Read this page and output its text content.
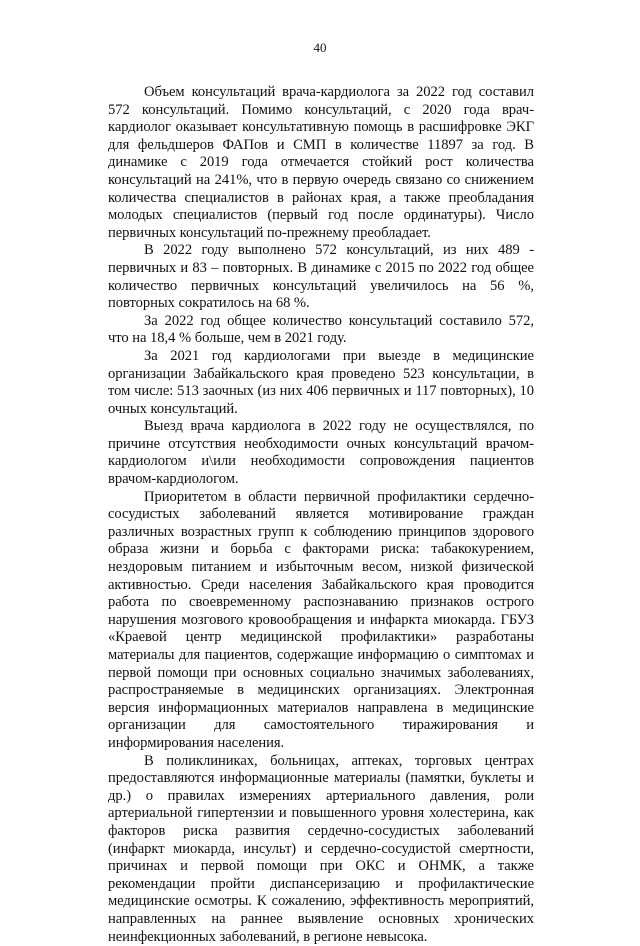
40

Объем консультаций врача-кардиолога за 2022 год составил 572 консультаций. Помимо консультаций, с 2020 года врач-кардиолог оказывает консультативную помощь в расшифровке ЭКГ для фельдшеров ФАПов и СМП в количестве 11897 за год. В динамике с 2019 года отмечается стойкий рост количества консультаций на 241%, что в первую очередь связано со снижением количества специалистов в районах края, а также преобладания молодых специалистов (первый год после ординатуры). Число первичных консультаций по-прежнему преобладает.

В 2022 году выполнено 572 консультаций, из них 489 - первичных и 83 – повторных. В динамике с 2015 по 2022 год общее количество первичных консультаций увеличилось на 56 %, повторных сократилось на 68 %.

За 2022 год общее количество консультаций составило 572, что на 18,4 % больше, чем в 2021 году.

За 2021 год кардиологами при выезде в медицинские организации Забайкальского края проведено 523 консультации, в том числе: 513 заочных (из них 406 первичных и 117 повторных), 10 очных консультаций.

Выезд врача кардиолога в 2022 году не осуществлялся, по причине отсутствия необходимости очных консультаций врачом-кардиологом и\или необходимости сопровождения пациентов врачом-кардиологом.

Приоритетом в области первичной профилактики сердечно-сосудистых заболеваний является мотивирование граждан различных возрастных групп к соблюдению принципов здорового образа жизни и борьба с факторами риска: табакокурением, нездоровым питанием и избыточным весом, низкой физической активностью. Среди населения Забайкальского края проводится работа по своевременному распознаванию признаков острого нарушения мозгового кровообращения и инфаркта миокарда. ГБУЗ «Краевой центр медицинской профилактики» разработаны материалы для пациентов, содержащие информацию о симптомах и первой помощи при основных социально значимых заболеваниях, распространяемые в медицинских организациях. Электронная версия информационных материалов направлена в медицинские организации для самостоятельного тиражирования и информирования населения.

В поликлиниках, больницах, аптеках, торговых центрах предоставляются информационные материалы (памятки, буклеты и др.) о правилах измерениях артериального давления, роли артериальной гипертензии и повышенного уровня холестерина, как факторов риска развития сердечно-сосудистых заболеваний (инфаркт миокарда, инсульт) и сердечно-сосудистой смертности, причинах и первой помощи при ОКС и ОНМК, а также рекомендации пройти диспансеризацию и профилактические медицинские осмотры. К сожалению, эффективность мероприятий, направленных на раннее выявление основных хронических неинфекционных заболеваний, в регионе невысока.
